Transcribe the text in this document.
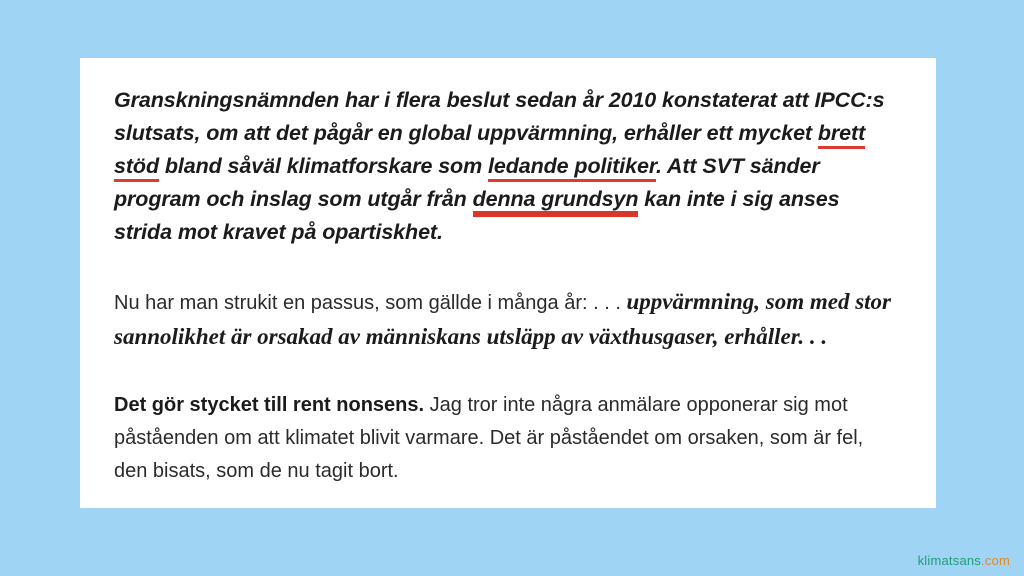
Granskningsnämnden har i flera beslut sedan år 2010 konstaterat att IPCC:s slutsats, om att det pågår en global uppvärmning, erhåller ett mycket brett stöd bland såväl klimatforskare som ledande politiker. Att SVT sänder program och inslag som utgår från denna grundsyn kan inte i sig anses strida mot kravet på opartiskhet.

Nu har man strukit en passus, som gällde i många år: . . . uppvärmning, som med stor sannolikhet är orsakad av människans utsläpp av växthusgaser, erhåller. . .

Det gör stycket till rent nonsens. Jag tror inte några anmälare opponerar sig mot påståenden om att klimatet blivit varmare. Det är påståendet om orsaken, som är fel, den bisats, som de nu tagit bort.

klimatsans.com
